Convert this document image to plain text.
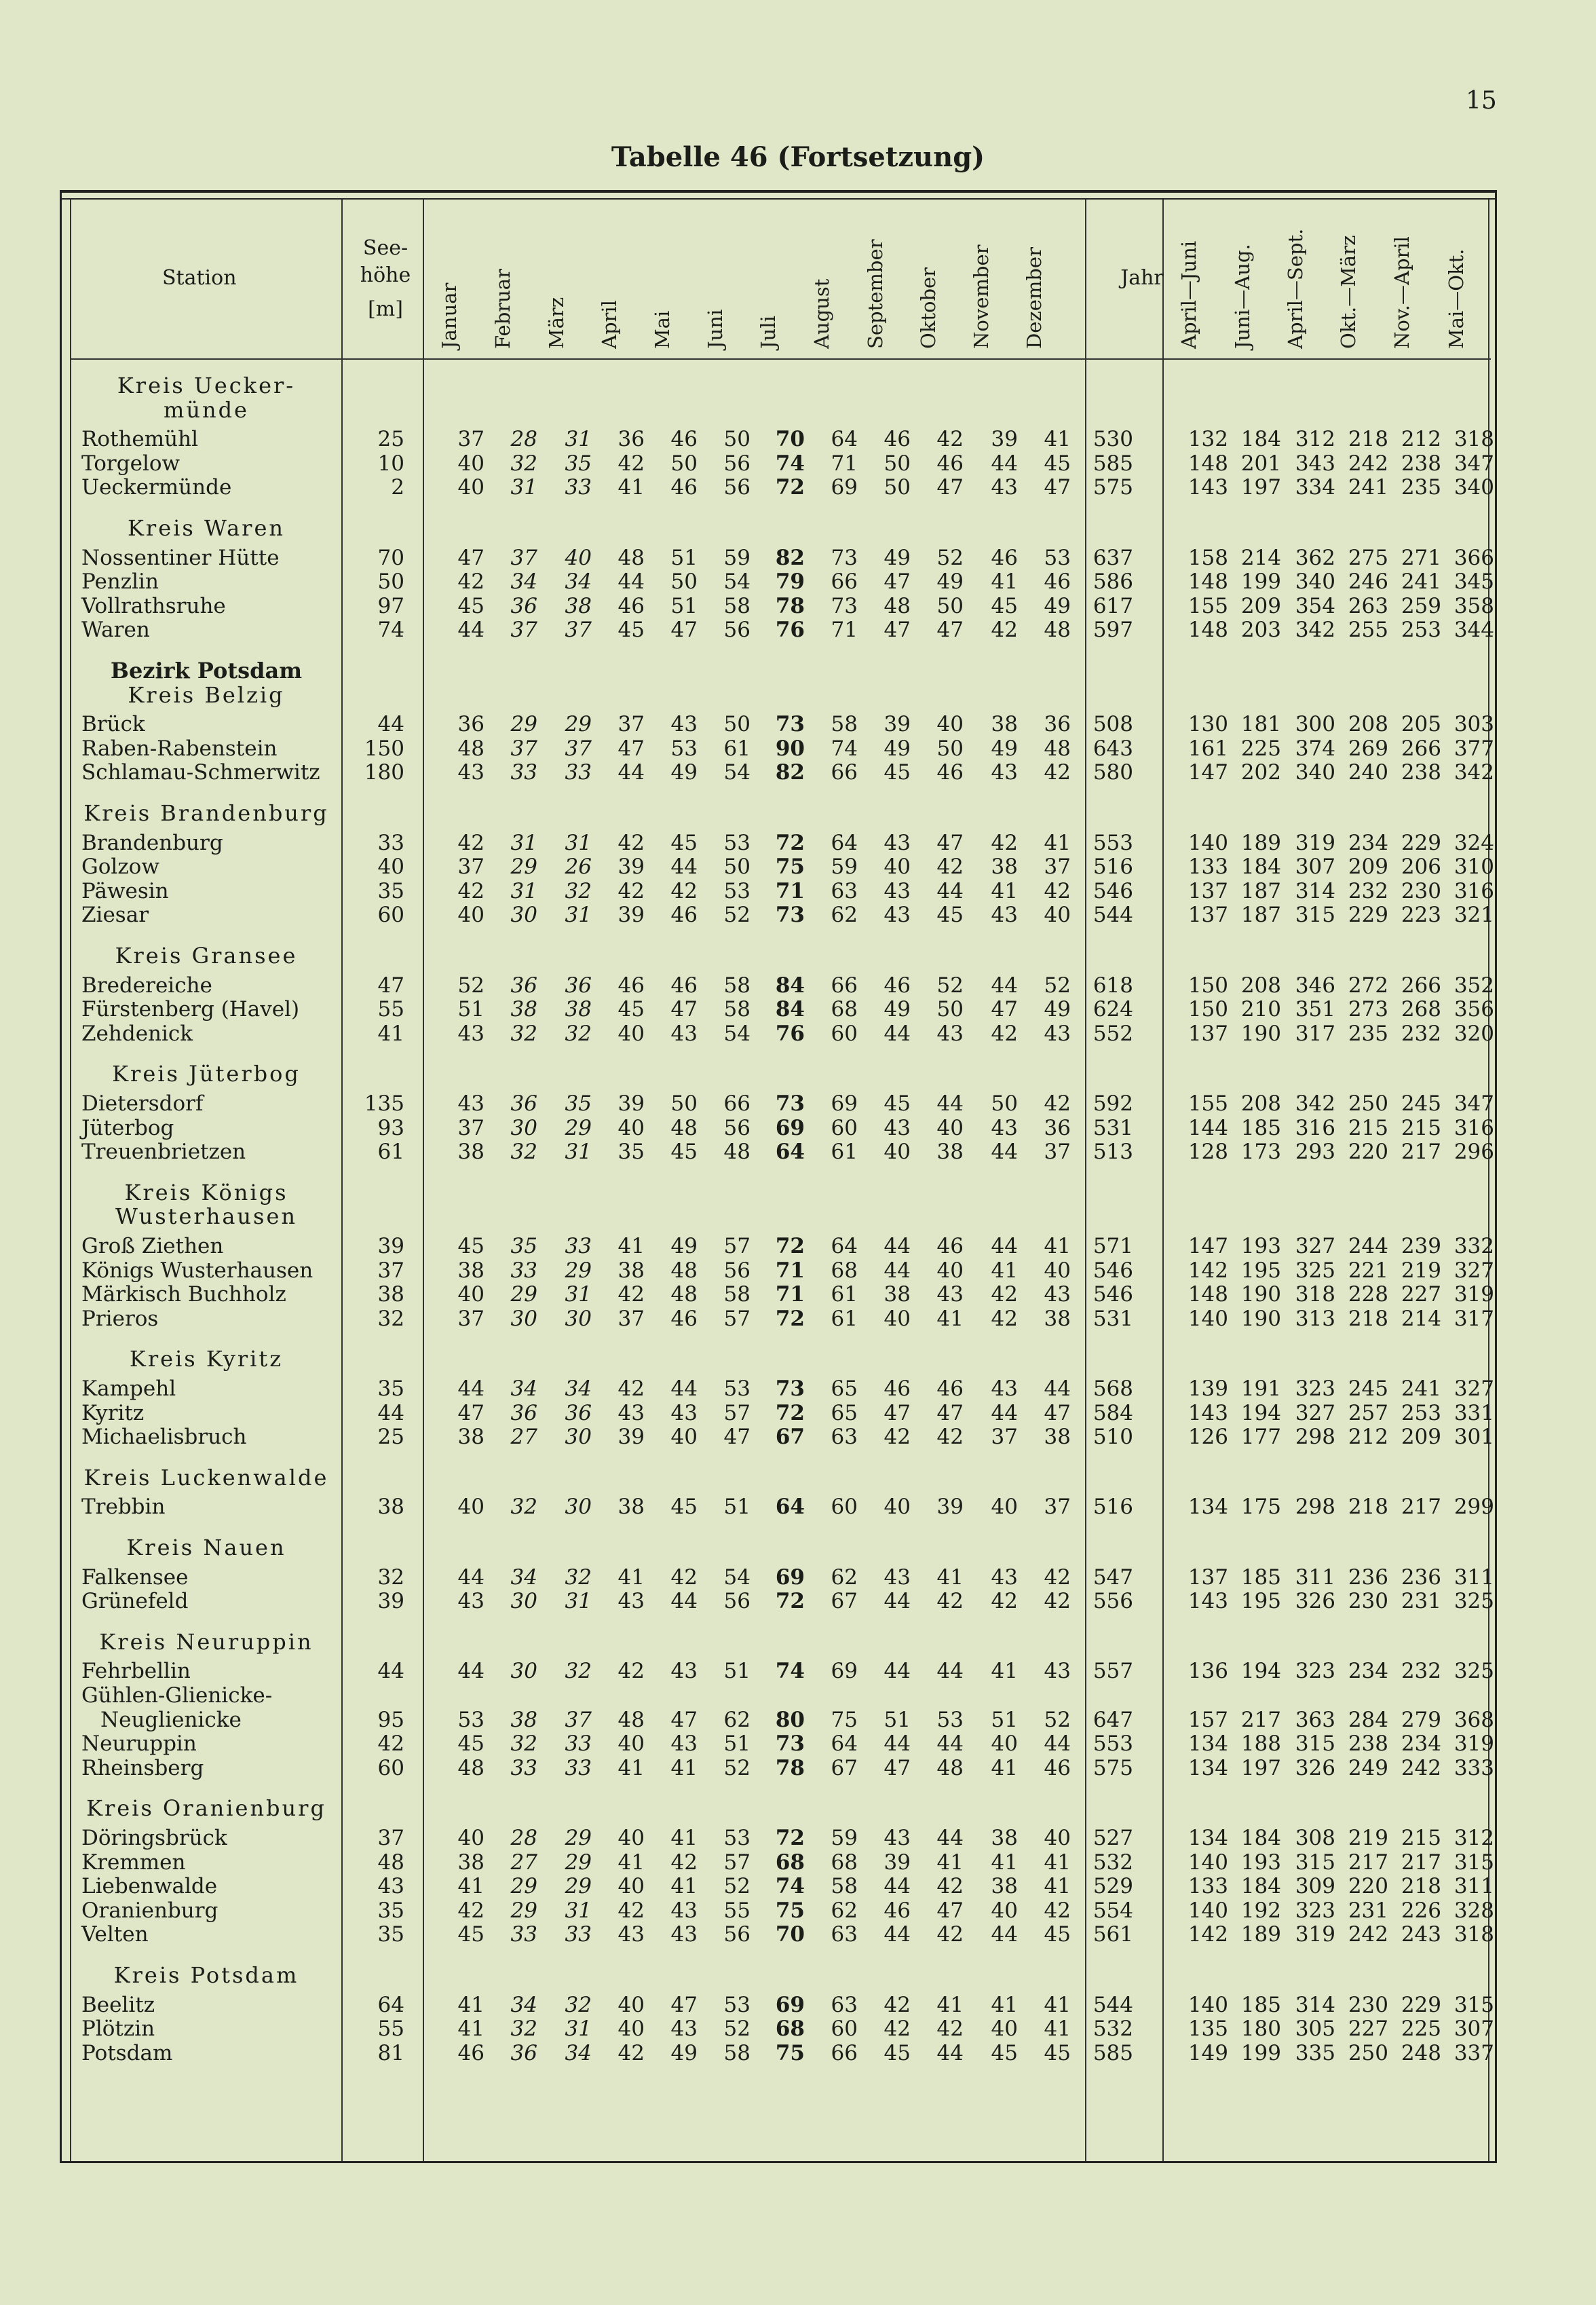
15
Tabelle 46 (Fortsetzung)
Station
See-
höhe
[m]
Jahr
Januar Februar März April Mai Juni Juli August September Oktober November Dezember	April—Juni Juni—Aug. April—Sept. Okt.—März Nov.—April Mai—Okt.
Kreis Uecker-
münde
Rothemühl	25	37	28	31	36	46	50	70	64	46	42	39	41	530	132 184 312 218 212 318
Torgelow	10	40	32	35	42	50	56	74	71	50	46	44	45	585	148 201 343 242 238 347
Ueckermünde	2	40	31	33	41	46	56	72	69	50	47	43	47	575	143 197 334 241 235 340
Kreis Waren
Nossentiner Hütte	70	47	37	40	48	51	59	82	73	49	52	46	53	637	158 214 362 275 271 366
Penzlin	50	42	34	34	44	50	54	79	66	47	49	41	46	586	148 199 340 246 241 345
Vollrathsruhe	97	45	36	38	46	51	58	78	73	48	50	45	49	617	155 209 354 263 259 358
Waren	74	44	37	37	45	47	56	76	71	47	47	42	48	597	148 203 342 255 253 344
Bezirk Potsdam
Kreis Belzig
Brück	44	36	29	29	37	43	50	73	58	39	40	38	36	508	130 181 300 208 205 303
Raben-Rabenstein	150	48	37	37	47	53	61	90	74	49	50	49	48	643	161 225 374 269 266 377
Schlamau-Schmerwitz	180	43	33	33	44	49	54	82	66	45	46	43	42	580	147 202 340 240 238 342
Kreis Brandenburg
Brandenburg	33	42	31	31	42	45	53	72	64	43	47	42	41	553	140 189 319 234 229 324
Golzow	40	37	29	26	39	44	50	75	59	40	42	38	37	516	133 184 307 209 206 310
Päwesin	35	42	31	32	42	42	53	71	63	43	44	41	42	546	137 187 314 232 230 316
Ziesar	60	40	30	31	39	46	52	73	62	43	45	43	40	544	137 187 315 229 223 321
Kreis Gransee
Bredereiche	47	52	36	36	46	46	58	84	66	46	52	44	52	618	150 208 346 272 266 352
Fürstenberg (Havel)	55	51	38	38	45	47	58	84	68	49	50	47	49	624	150 210 351 273 268 356
Zehdenick	41	43	32	32	40	43	54	76	60	44	43	42	43	552	137 190 317 235 232 320
Kreis Jüterbog
Dietersdorf	135	43	36	35	39	50	66	73	69	45	44	50	42	592	155 208 342 250 245 347
Jüterbog	93	37	30	29	40	48	56	69	60	43	40	43	36	531	144 185 316 215 215 316
Treuenbrietzen	61	38	32	31	35	45	48	64	61	40	38	44	37	513	128 173 293 220 217 296
Kreis Königs
Wusterhausen
Groß Ziethen	39	45	35	33	41	49	57	72	64	44	46	44	41	571	147 193 327 244 239 332
Königs Wusterhausen	37	38	33	29	38	48	56	71	68	44	40	41	40	546	142 195 325 221 219 327
Märkisch Buchholz	38	40	29	31	42	48	58	71	61	38	43	42	43	546	148 190 318 228 227 319
Prieros	32	37	30	30	37	46	57	72	61	40	41	42	38	531	140 190 313 218 214 317
Kreis Kyritz
Kampehl	35	44	34	34	42	44	53	73	65	46	46	43	44	568	139 191 323 245 241 327
Kyritz	44	47	36	36	43	43	57	72	65	47	47	44	47	584	143 194 327 257 253 331
Michaelisbruch	25	38	27	30	39	40	47	67	63	42	42	37	38	510	126 177 298 212 209 301
Kreis Luckenwalde
Trebbin	38	40	32	30	38	45	51	64	60	40	39	40	37	516	134 175 298 218 217 299
Kreis Nauen
Falkensee	32	44	34	32	41	42	54	69	62	43	41	43	42	547	137 185 311 236 236 311
Grünefeld	39	43	30	31	43	44	56	72	67	44	42	42	42	556	143 195 326 230 231 325
Kreis Neuruppin
Fehrbellin	44	44	30	32	42	43	51	74	69	44	44	41	43	557	136 194 323 234 232 325
Gühlen-Glienicke-
Neuglienicke	95	53	38	37	48	47	62	80	75	51	53	51	52	647	157 217 363 284 279 368
Neuruppin	42	45	32	33	40	43	51	73	64	44	44	40	44	553	134 188 315 238 234 319
Rheinsberg	60	48	33	33	41	41	52	78	67	47	48	41	46	575	134 197 326 249 242 333
Kreis Oranienburg
Döringsbrück	37	40	28	29	40	41	53	72	59	43	44	38	40	527	134 184 308 219 215 312
Kremmen	48	38	27	29	41	42	57	68	68	39	41	41	41	532	140 193 315 217 217 315
Liebenwalde	43	41	29	29	40	41	52	74	58	44	42	38	41	529	133 184 309 220 218 311
Oranienburg	35	42	29	31	42	43	55	75	62	46	47	40	42	554	140 192 323 231 226 328
Velten	35	45	33	33	43	43	56	70	63	44	42	44	45	561	142 189 319 242 243 318
Kreis Potsdam
Beelitz	64	41	34	32	40	47	53	69	63	42	41	41	41	544	140 185 314 230 229 315
Plötzin	55	41	32	31	40	43	52	68	60	42	42	40	41	532	135 180 305 227 225 307
Potsdam	81	46	36	34	42	49	58	75	66	45	44	45	45	585	149 199 335 250 248 337
